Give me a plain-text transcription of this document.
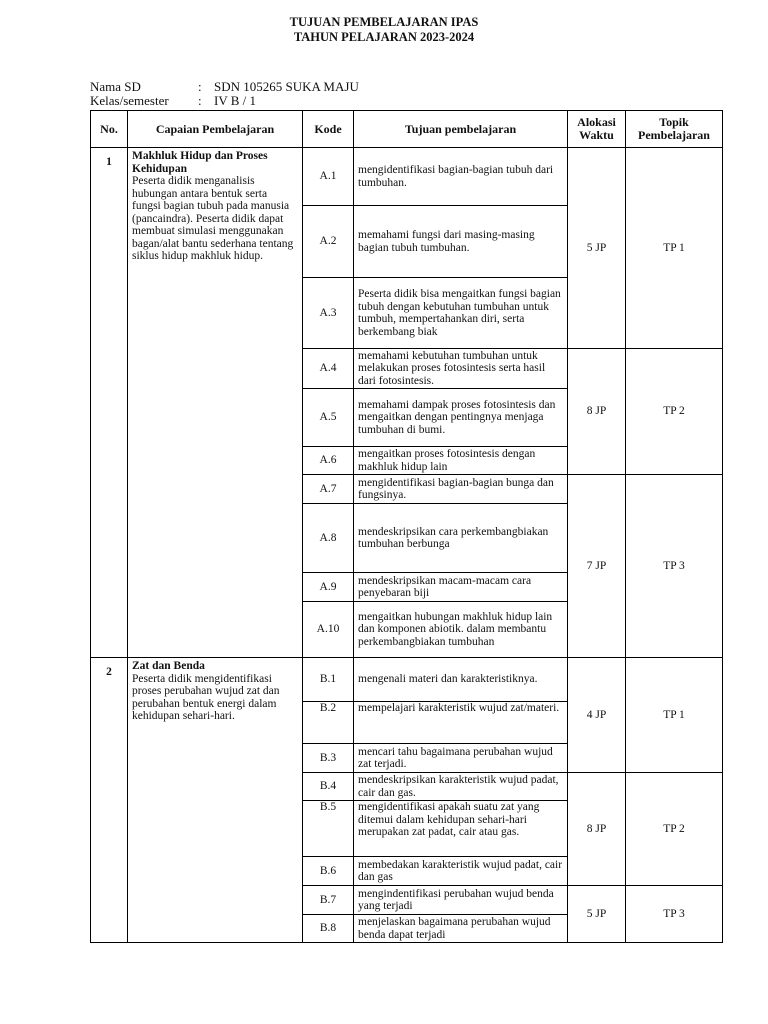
TUJUAN PEMBELAJARAN IPAS
TAHUN PELAJARAN 2023-2024
Nama SD	: SDN 105265 SUKA MAJU
Kelas/semester : IV B / 1
No.	Capaian Pembelajaran	Kode	Tujuan pembelajaran	Alokasi Waktu	Topik Pembelajaran
1	Makhluk Hidup dan Proses Kehidupan
Peserta didik menganalisis hubungan antara bentuk serta fungsi bagian tubuh pada manusia (pancaindra). Peserta didik dapat membuat simulasi menggunakan bagan/alat bantu sederhana tentang siklus hidup makhluk hidup.	A.1	mengidentifikasi bagian-bagian tubuh dari tumbuhan.	5 JP	TP 1
		A.2	memahami fungsi dari masing-masing bagian tubuh tumbuhan.		
		A.3	Peserta didik bisa mengaitkan fungsi bagian tubuh dengan kebutuhan tumbuhan untuk tumbuh, mempertahankan diri, serta berkembang biak		
		A.4	memahami kebutuhan tumbuhan untuk melakukan proses fotosintesis serta hasil dari fotosintesis.	8 JP	TP 2
		A.5	memahami dampak proses fotosintesis dan mengaitkan dengan pentingnya menjaga tumbuhan di bumi.		
		A.6	mengaitkan proses fotosintesis dengan makhluk hidup lain		
		A.7	mengidentifikasi bagian-bagian bunga dan fungsinya.	7 JP	TP 3
		A.8	mendeskripsikan cara perkembangbiakan tumbuhan berbunga		
		A.9	mendeskripsikan macam-macam cara penyebaran biji		
		A.10	mengaitkan hubungan makhluk hidup lain dan komponen abiotik. dalam membantu perkembangbiakan tumbuhan		
2	Zat dan Benda
Peserta didik mengidentifikasi proses perubahan wujud zat dan perubahan bentuk energi dalam kehidupan sehari-hari.	B.1	mengenali materi dan karakteristiknya.	4 JP	TP 1
		B.2	mempelajari karakteristik wujud zat/materi.		
		B.3	mencari tahu bagaimana perubahan wujud zat terjadi.		
		B.4	mendeskripsikan karakteristik wujud padat, cair dan gas.	8 JP	TP 2
		B.5	mengidentifikasi apakah suatu zat yang ditemui dalam kehidupan sehari-hari merupakan zat padat, cair atau gas.		
		B.6	membedakan karakteristik wujud padat, cair dan gas		
		B.7	mengindentifikasi perubahan wujud benda yang terjadi	5 JP	TP 3
		B.8	menjelaskan bagaimana perubahan wujud benda dapat terjadi		
